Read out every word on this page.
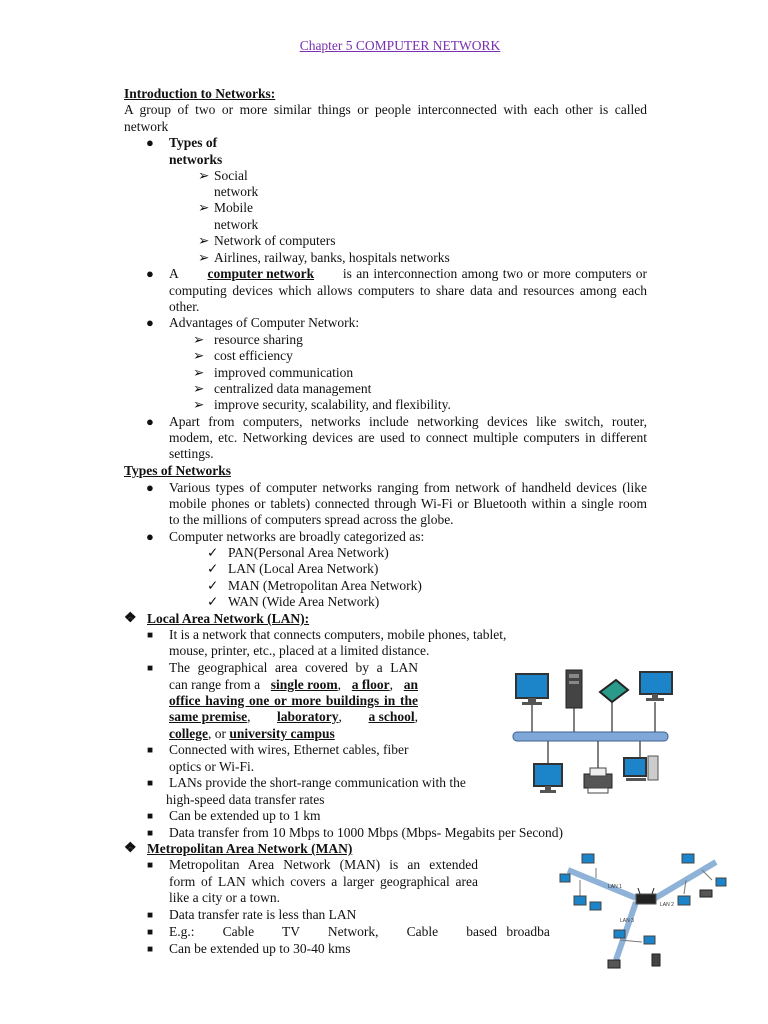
Chapter 5 COMPUTER NETWORK
Introduction to Networks:
A group of two or more similar things or people interconnected with each other is called
network
● Types of
networks
➢ Social
network
➢ Mobile
network
➢ Network of computers
➢ Airlines, railway, banks, hospitals networks
● A computer network is an interconnection among two or more computers or
computing devices which allows computers to share data and resources among each
other.
● Advantages of Computer Network:
➢ resource sharing
➢ cost efficiency
➢ improved communication
➢ centralized data management
➢ improve security, scalability, and flexibility.
● Apart from computers, networks include networking devices like switch, router,
modem, etc. Networking devices are used to connect multiple computers in different
settings.
Types of Networks
● Various types of computer networks ranging from network of handheld devices (like
mobile phones or tablets) connected through Wi-Fi or Bluetooth within a single room
to the millions of computers spread across the globe.
● Computer networks are broadly categorized as:
✓ PAN(Personal Area Network)
✓ LAN (Local Area Network)
✓ MAN (Metropolitan Area Network)
✓ WAN (Wide Area Network)
❖ Local Area Network (LAN):
■ It is a network that connects computers, mobile phones, tablet,
mouse, printer, etc., placed at a limited distance.
■ The geographical area covered by a LAN
can range from a single room, a floor, an
office having one or more buildings in the
same premise, laboratory, a school,
college, or university campus
■ Connected with wires, Ethernet cables, fiber
optics or Wi-Fi.
■ LANs provide the short-range communication with the
high-speed data transfer rates
■ Can be extended up to 1 km
■ Data transfer from 10 Mbps to 1000 Mbps (Mbps- Megabits per Second)
❖ Metropolitan Area Network (MAN)
■ Metropolitan Area Network (MAN) is an extended
form of LAN which covers a larger geographical area
like a city or a town.
■ Data transfer rate is less than LAN
■ E.g.:   Cable   TV   Network,   Cable   based broadba
■ Can be extended up to 30-40 kms
LAN 1
LAN 2
LAN 3
